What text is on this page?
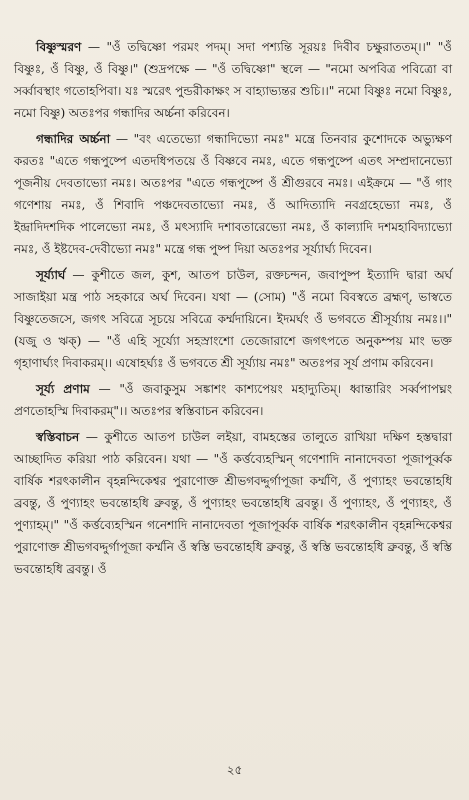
বিষ্ণুস্মরণ — "ওঁ তদ্বিষ্ণো পরমং পদম্। সদা পশ্যন্তি সূরয়ঃ দিবীব চক্ষুরাততম্।।" "ওঁ বিষ্ণুঃ, ওঁ বিষ্ণু, ওঁ বিষ্ণু।" (শুদ্রপক্ষে — "ওঁ তদ্বিষ্ণো" স্থলে — "নমো অপবিত্র পবিত্রো বা সর্ব্বাবস্থাং গতোহপিবা। যঃ স্মরেৎ পুন্ডরীকাক্ষং স বাহ্যাভ্যন্তর শুচি।।" নমো বিষ্ণুঃ নমো বিষ্ণুঃ, নমো বিষ্ণু) অতঃপর গন্ধাদির অর্চ্চনা করিবেন।

গন্ধাদির অর্চ্চনা — "বং এতেভ্যো গন্ধাদিভ্যো নমঃ" মন্ত্রে তিনবার কুশোদকে অভ্যুক্ষণ করতঃ "এতে গন্ধপুষ্পে এতদধিপতয়ে ওঁ বিষ্ণবে নমঃ, এতে গন্ধপুষ্পে এতৎ সম্প্রদানেভ্যো পূজনীয় দেবতাভ্যো নমঃ। অতঃপর "এতে গন্ধপুষ্পে ওঁ শ্রীগুরবে নমঃ। এইক্রমে — "ওঁ গাং গণেশায় নমঃ, ওঁ শিবাদি পঞ্চদেবতাভ্যো নমঃ, ওঁ আদিত্যাদি নবগ্রহেভ্যো নমঃ, ওঁ ইন্দ্রাদিদশদিক পালেভ্যো নমঃ, ওঁ মৎস্যাদি দশাবতারেভ্যো নমঃ, ওঁ কাল্যাদি দশমহাবিদ্যাভ্যো নমঃ, ওঁ ইষ্টদেব-দেবীভ্যো নমঃ" মন্ত্রে গন্ধ পুষ্প দিয়া অতঃপর সূর্য্যার্ঘ্য দিবেন।

সূর্য্যার্ঘ — কুশীতে জল, কুশ, আতপ চাউল, রক্তচন্দন, জবাপুষ্প ইত্যাদি দ্বারা অর্ঘ সাজাইয়া মন্ত্র পাঠ সহকারে অর্ঘ দিবেন। যথা — (সোম) "ওঁ নমো বিবস্বতে ব্রহ্মণ্, ভাস্বতে বিষ্ণুতেজসে, জগৎ সবিত্রে সূচয়ে সবিত্রে কর্ম্মদায়িনে। ইদমর্ঘং ওঁ ভগবতে শ্রীসূর্য্যায় নমঃ।।" (যজু ও ঋক্) — "ওঁ এহি সূর্য্যো সহস্রাংশো তেজোরাশে জগৎপতে অনুকম্পয় মাং ভক্ত গৃহাণার্ঘ্যং দিবাকরম্।। এষোহর্ঘ্যঃ ওঁ ভগবতে শ্রী সূর্য্যায় নমঃ" অতঃপর সূর্য প্রণাম করিবেন।

সূর্য্য প্রণাম — "ওঁ জবাকুসুম সঙ্কাশং কাশ্যপেয়ং মহাদ্যুতিম্। ধ্বান্তারিং সর্ব্বপাপঘ্নং প্রণতোহস্মি দিবাকরম্"।। অতঃপর স্বস্তিবাচন করিবেন।

স্বস্তিবাচন — কুশীতে আতপ চাউল লইয়া, বামহস্তের তালুতে রাখিয়া দক্ষিণ হস্তদ্বারা আচ্ছাদিত করিয়া পাঠ করিবেন। যথা — "ওঁ কর্ত্তব্যেহস্মিন্ গণেশাদি নানাদেবতা পূজাপূর্ব্বক বার্ষিক শরৎকালীন বৃহন্নন্দিকেশ্বর পুরাণোক্ত শ্রীভগবদ্দুর্গাপূজা কর্ম্মণি, ওঁ পুণ্যাহং ভবন্তোহধি ব্রবন্তু, ওঁ পুণ্যাহং ভবন্তোহধি ব্রুবন্তু, ওঁ পুণ্যাহং ভবন্তোহধি ব্রবন্তু। ওঁ পুণ্যাহং, ওঁ পুণ্যাহং, ওঁ পুণ্যাহম্।" "ওঁ কর্ত্তব্যেহস্মিন গনেশাদি নানাদেবতা পূজাপূর্ব্বক বার্ষিক শরৎকালীন বৃহন্নন্দিকেশ্বর পুরাণোক্ত শ্রীভগবদ্দুর্গাপূজা কর্ম্মনি ওঁ স্বস্তি ভবন্তোহধি ব্রুবন্তু, ওঁ স্বস্তি ভবন্তোহধি ব্রুবন্তু, ওঁ স্বস্তি ভবন্তোহধি ব্রবন্তু। ওঁ

২৫
